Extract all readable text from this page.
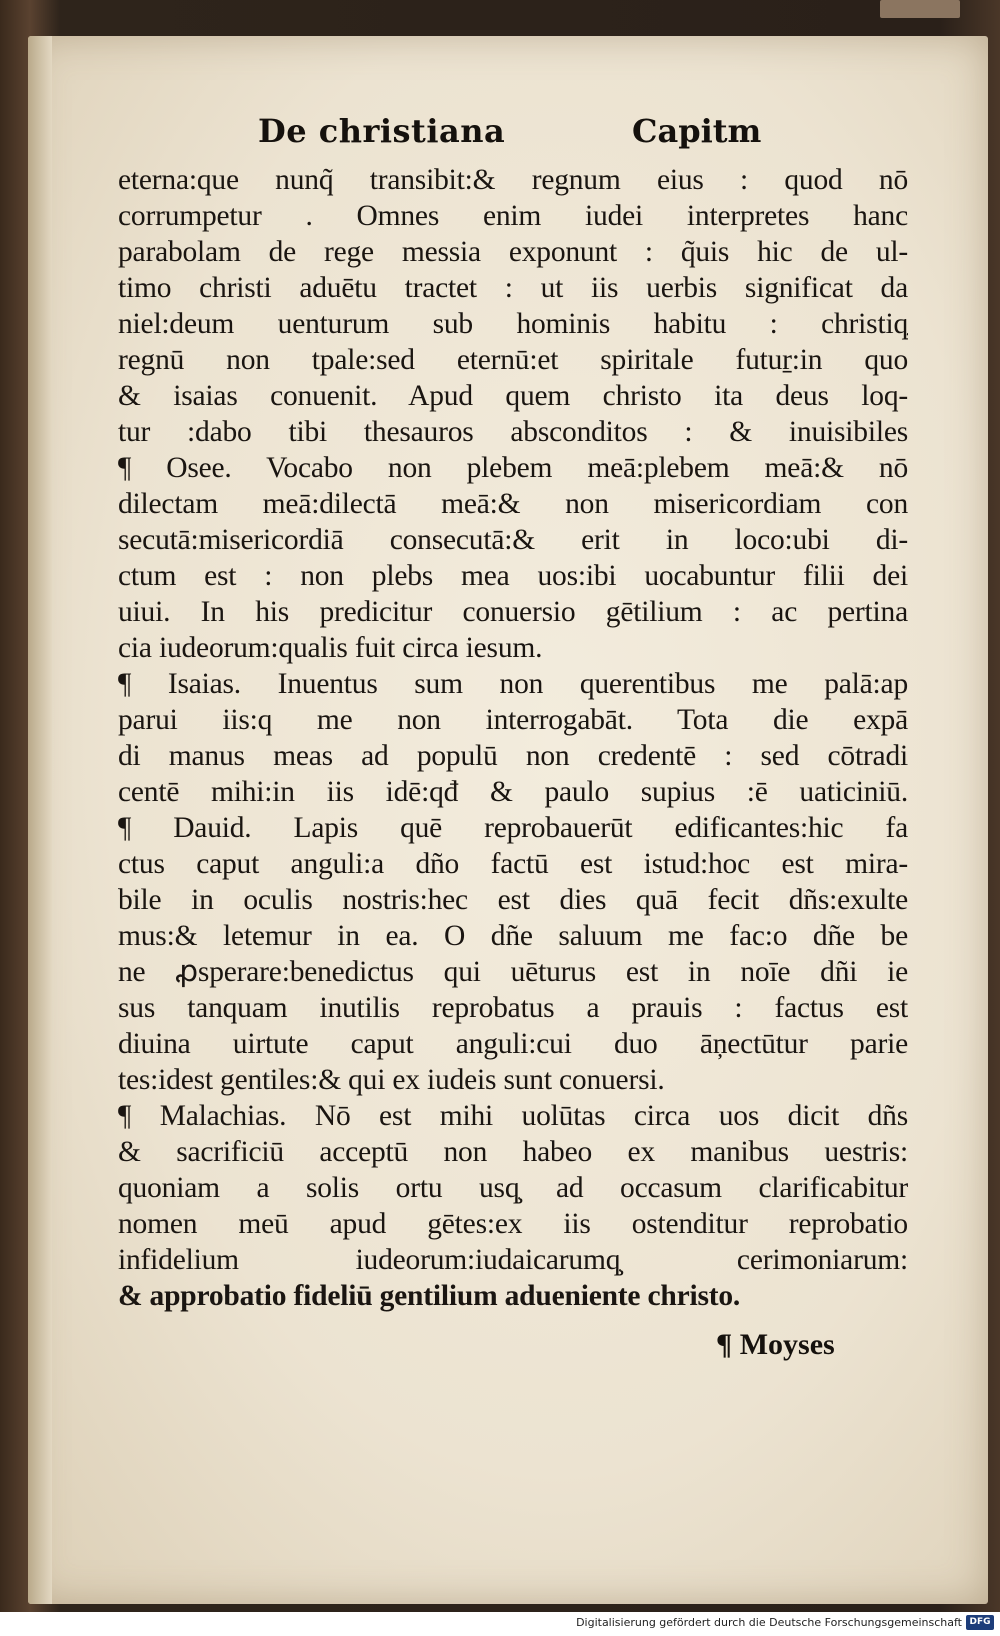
De christiana	Capitm
eterna:que nunq̃ transibit:& regnum eius : quod nō
corrumpetur . Omnes enim iudei interpretes hanc
parabolam de rege messia exponunt : q̃uis hic de ul-
timo christi aduētu tractet : ut iis uerbis significat da
niel:deum uenturum sub hominis habitu : christiq̧
regnū non tpale:sed eternū:et spiritale futuṟ:in quo
& isaias conuenit. Apud quem christo ita deus loq-
tur :dabo tibi thesauros absconditos : & inuisibiles
¶ Osee. Vocabo non plebem meā:plebem meā:& nō
dilectam meā:dilectā meā:& non misericordiam con
secutā:misericordiā consecutā:& erit in loco:ubi di-
ctum est : non plebs mea uos:ibi uocabuntur filii dei
uiui. In his predicitur conuersio gētilium : ac pertina
cia iudeorum:qualis fuit circa iesum.
¶ Isaias. Inuentus sum non querentibus me palā:ap
parui iis:q me non interrogabāt. Tota die expā
di manus meas ad populū non credentē : sed cōtradi
centē mihi:in iis idē:qđ & paulo supius :ē uaticiniū.
¶ Dauid. Lapis quē reprobauerūt edificantes:hic fa
ctus caput anguli:a dño factū est istud:hoc est mira-
bile in oculis nostris:hec est dies quā fecit dñs:exulte
mus:& letemur in ea. O dñe saluum me fac:o dñe be
ne ꝓsperare:benedictus qui uēturus est in noīe dñi ie
sus tanquam inutilis reprobatus a prauis : factus est
diuina uirtute caput anguli:cui duo āņectūtur parie
tes:idest gentiles:& qui ex iudeis sunt conuersi.
¶ Malachias. Nō est mihi uolūtas circa uos dicit dñs
& sacrificiū acceptū non habeo ex manibus uestris:
quoniam a solis ortu usq̧ ad occasum clarificabitur
nomen meū apud gētes:ex iis ostenditur reprobatio
infidelium iudeorum:iudaicarumq̧ cerimoniarum:
& approbatio fideliū gentilium adueniente christo.
¶ Moyses
Digitalisierung gefördert durch die Deutsche Forschungsgemeinschaft DFG
